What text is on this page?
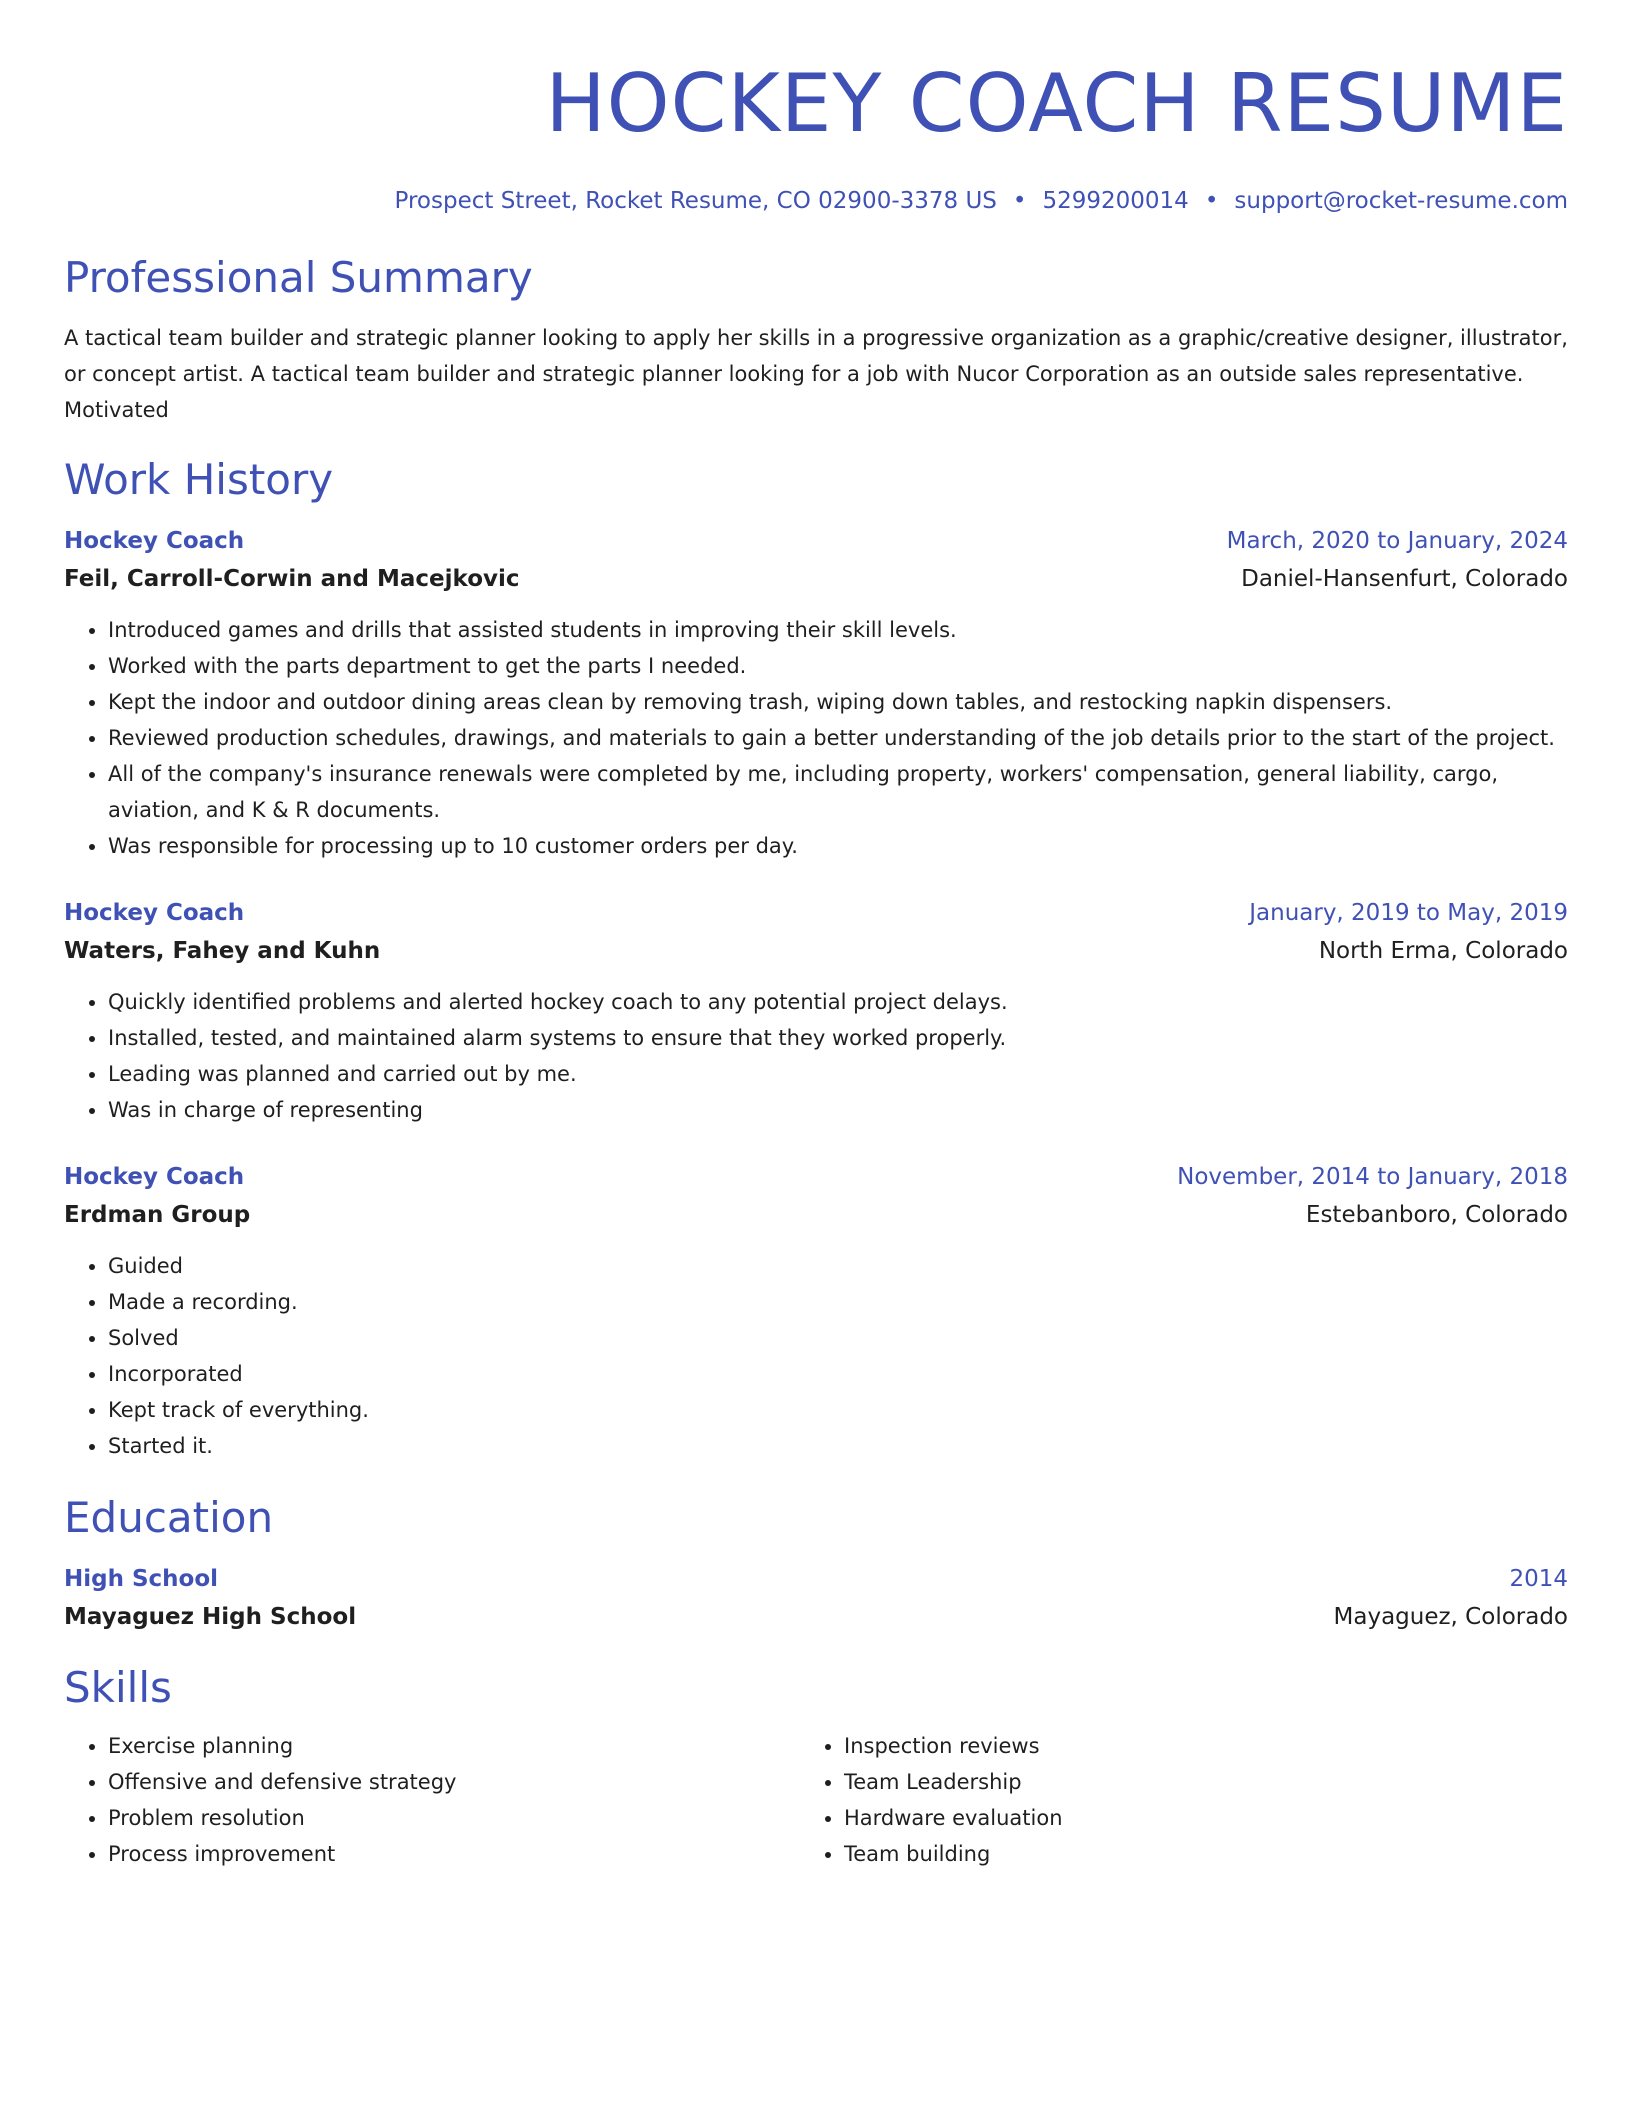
HOCKEY COACH RESUME
Prospect Street, Rocket Resume, CO 02900-3378 US • 5299200014 • support@rocket-resume.com
Professional Summary
A tactical team builder and strategic planner looking to apply her skills in a progressive organization as a graphic/creative designer, illustrator, or concept artist. A tactical team builder and strategic planner looking for a job with Nucor Corporation as an outside sales representative. Motivated
Work History
Hockey Coach	March, 2020 to January, 2024
Feil, Carroll-Corwin and Macejkovic	Daniel-Hansenfurt, Colorado
• Introduced games and drills that assisted students in improving their skill levels.
• Worked with the parts department to get the parts I needed.
• Kept the indoor and outdoor dining areas clean by removing trash, wiping down tables, and restocking napkin dispensers.
• Reviewed production schedules, drawings, and materials to gain a better understanding of the job details prior to the start of the project.
• All of the company's insurance renewals were completed by me, including property, workers' compensation, general liability, cargo, aviation, and K & R documents.
• Was responsible for processing up to 10 customer orders per day.
Hockey Coach	January, 2019 to May, 2019
Waters, Fahey and Kuhn	North Erma, Colorado
• Quickly identified problems and alerted hockey coach to any potential project delays.
• Installed, tested, and maintained alarm systems to ensure that they worked properly.
• Leading was planned and carried out by me.
• Was in charge of representing
Hockey Coach	November, 2014 to January, 2018
Erdman Group	Estebanboro, Colorado
• Guided
• Made a recording.
• Solved
• Incorporated
• Kept track of everything.
• Started it.
Education
High School	2014
Mayaguez High School	Mayaguez, Colorado
Skills
• Exercise planning
• Offensive and defensive strategy
• Problem resolution
• Process improvement
• Inspection reviews
• Team Leadership
• Hardware evaluation
• Team building
